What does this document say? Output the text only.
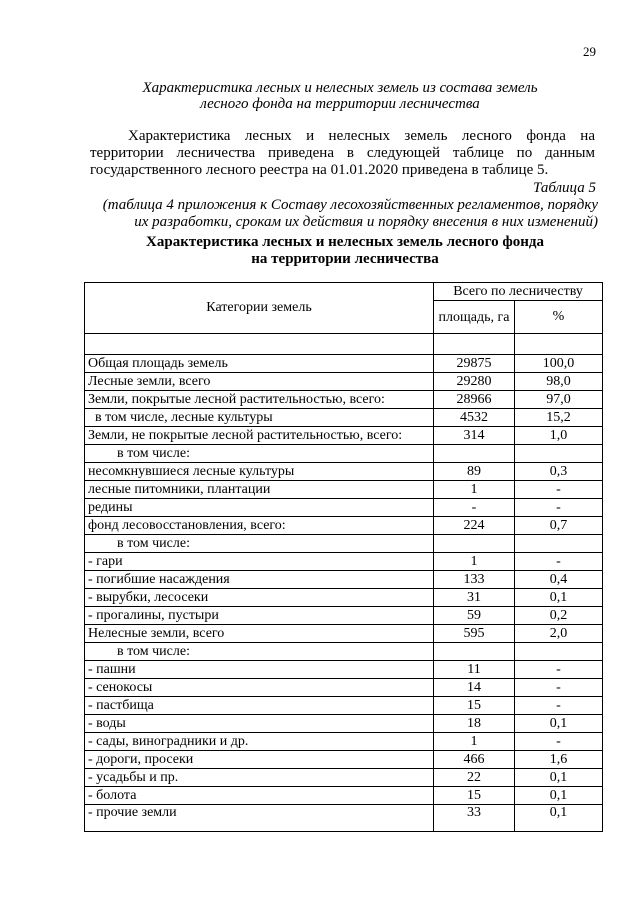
29
Характеристика лесных и нелесных земель из состава земель
лесного фонда на территории лесничества
Характеристика лесных и нелесных земель лесного фонда на
территории лесничества приведена в следующей таблице по данным
государственного лесного реестра на 01.01.2020 приведена в таблице 5.
Таблица 5
(таблица 4 приложения к Составу лесохозяйственных регламентов, порядку
их разработки, срокам их действия и порядку внесения в них изменений)
Характеристика лесных и нелесных земель лесного фонда
на территории лесничества
Категории земель	Всего по лесничеству	
	площадь, га	%

Общая площадь земель	29875	100,0
Лесные земли, всего	29280	98,0
Земли, покрытые лесной растительностью, всего:	28966	97,0
в том числе, лесные культуры	4532	15,2
Земли, не покрытые лесной растительностью, всего:	314	1,0
в том числе:		
несомкнувшиеся лесные культуры	89	0,3
лесные питомники, плантации	1	-
редины	-	-
фонд лесовосстановления, всего:	224	0,7
в том числе:		
- гари	1	-
- погибшие насаждения	133	0,4
- вырубки, лесосеки	31	0,1
- прогалины, пустыри	59	0,2
Нелесные земли, всего	595	2,0
в том числе:		
- пашни	11	-
- сенокосы	14	-
- пастбища	15	-
- воды	18	0,1
- сады, виноградники и др.	1	-
- дороги, просеки	466	1,6
- усадьбы и пр.	22	0,1
- болота	15	0,1
- прочие земли	33	0,1
